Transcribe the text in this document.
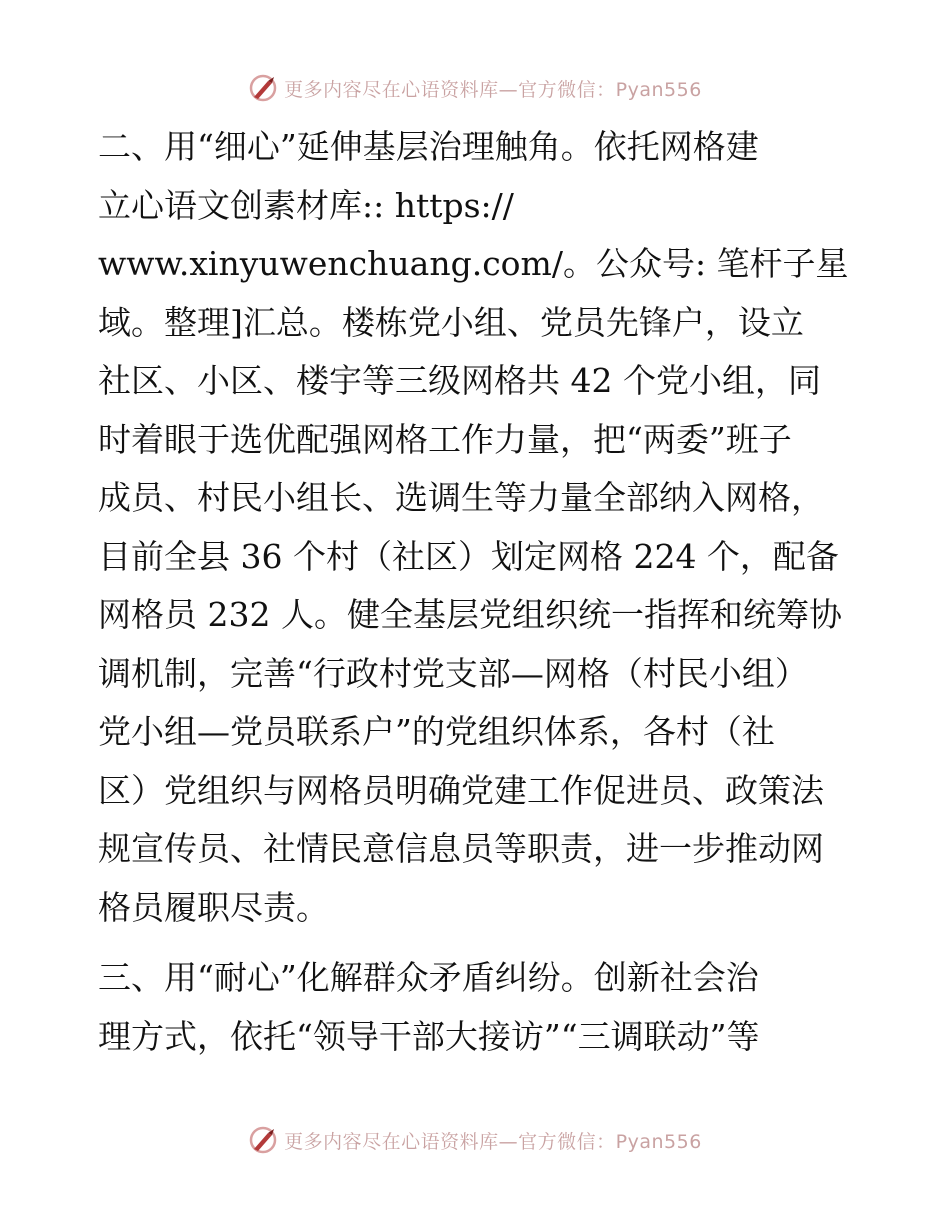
更多内容尽在心语资料库—官方微信：Pyan556
二、用“细心”延伸基层治理触角。依托网格建
立心语文创素材库:: https://
www.xinyuwenchuang.com/。公众号: 笔杆子星
域。整理]汇总。楼栋党小组、党员先锋户，设立
社区、小区、楼宇等三级网格共 42 个党小组，同
时着眼于选优配强网格工作力量，把“两委”班子
成员、村民小组长、选调生等力量全部纳入网格，
目前全县 36 个村（社区）划定网格 224 个，配备
网格员 232 人。健全基层党组织统一指挥和统筹协
调机制，完善“行政村党支部—网格（村民小组）
党小组—党员联系户”的党组织体系，各村（社
区）党组织与网格员明确党建工作促进员、政策法
规宣传员、社情民意信息员等职责，进一步推动网
格员履职尽责。
三、用“耐心”化解群众矛盾纠纷。创新社会治
理方式，依托“领导干部大接访”“三调联动”等
更多内容尽在心语资料库—官方微信：Pyan556
